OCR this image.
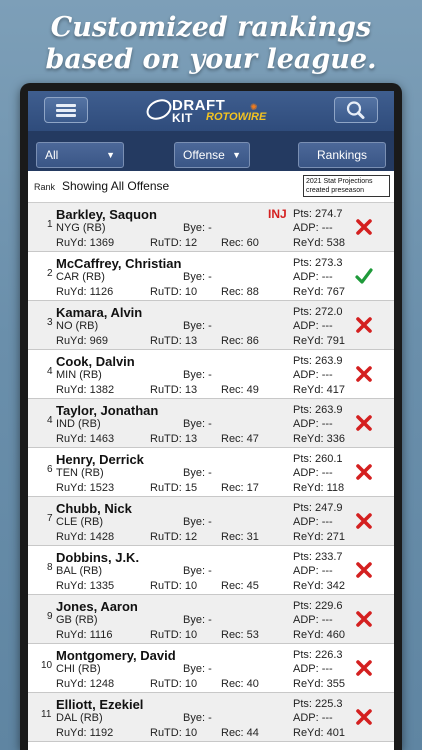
Customized rankings
based on your league.
DRAFT
KIT ROTOWIRE
✺
All	▼	Offense ▼	Rankings
Rank Showing All Offense	2021 Stat Projections created preseason
1
Barkley, Saquon
NYG (RB)	Bye: -
RuYd: 1369	RuTD: 12 Rec: 60
INJ Pts: 274.7
ADP: ---
ReYd: 538
2
McCaffrey, Christian
CAR (RB)	Bye: -
RuYd: 1126	RuTD: 10 Rec: 88
Pts: 273.3
ADP: ---
ReYd: 767
3
Kamara, Alvin
NO (RB)	Bye: -
RuYd: 969	RuTD: 13 Rec: 86
Pts: 272.0
ADP: ---
ReYd: 791
4
Cook, Dalvin
MIN (RB)	Bye: -
RuYd: 1382	RuTD: 13 Rec: 49
Pts: 263.9
ADP: ---
ReYd: 417
4
Taylor, Jonathan
IND (RB)	Bye: -
RuYd: 1463	RuTD: 13 Rec: 47
Pts: 263.9
ADP: ---
ReYd: 336
6
Henry, Derrick
TEN (RB)	Bye: -
RuYd: 1523	RuTD: 15 Rec: 17
Pts: 260.1
ADP: ---
ReYd: 118
7
Chubb, Nick
CLE (RB)	Bye: -
RuYd: 1428	RuTD: 12 Rec: 31
Pts: 247.9
ADP: ---
ReYd: 271
8
Dobbins, J.K.
BAL (RB)	Bye: -
RuYd: 1335	RuTD: 10 Rec: 45
Pts: 233.7
ADP: ---
ReYd: 342
9
Jones, Aaron
GB (RB)	Bye: -
RuYd: 1116	RuTD: 10 Rec: 53
Pts: 229.6
ADP: ---
ReYd: 460
10
Montgomery, David
CHI (RB)	Bye: -
RuYd: 1248	RuTD: 10 Rec: 40
Pts: 226.3
ADP: ---
ReYd: 355
11
Elliott, Ezekiel
DAL (RB)	Bye: -
RuYd: 1192	RuTD: 10 Rec: 44
Pts: 225.3
ADP: ---
ReYd: 401
